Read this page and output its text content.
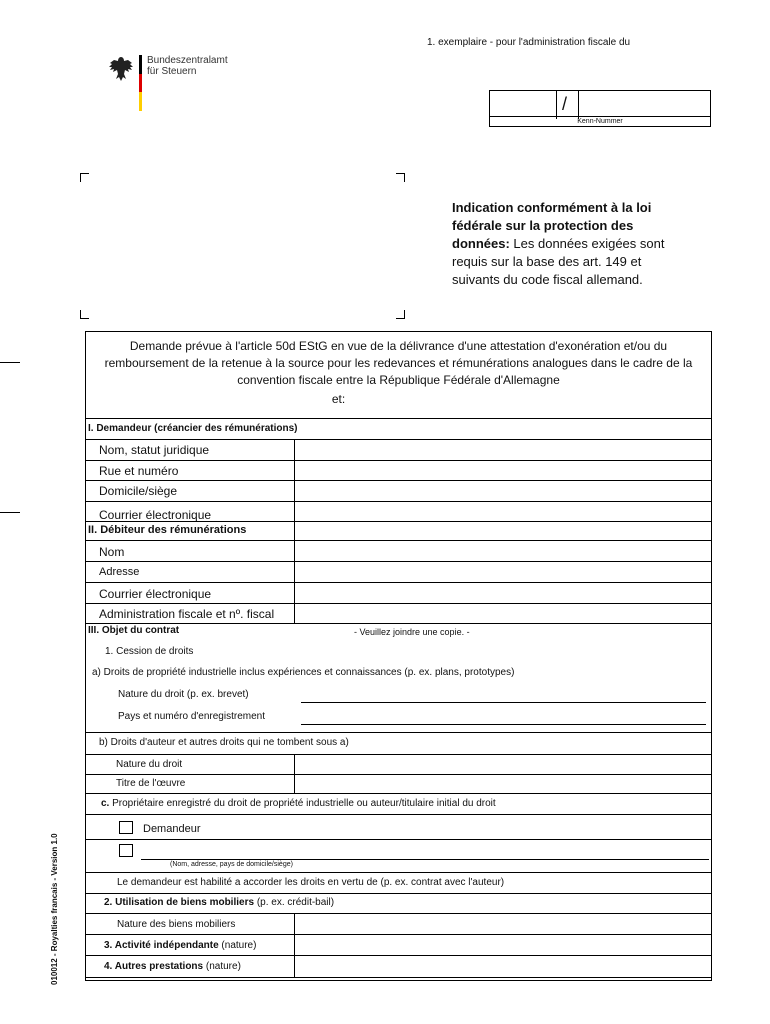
1. exemplaire - pour l'administration fiscale du
Bundeszentralamt
für Steuern
/
Kenn-Nummer
Indication conformément à la loi fédérale sur la protection des données: Les données exigées sont requis sur la base des art. 149 et suivants du code fiscal allemand.
010012 - Royalties francais - Version 1.0
Demande prévue à l'article 50d EStG en vue de la délivrance d'une attestation d'exonération et/ou du remboursement de la retenue à la source pour les redevances et rémunérations analogues dans le cadre de la convention fiscale entre la République Fédérale d'Allemagne
et:
I. Demandeur (créancier des rémunérations)
Nom, statut juridique
Rue et numéro
Domicile/siège
Courrier électronique
II. Débiteur des rémunérations
Nom
Adresse
Courrier électronique
Administration fiscale et nº. fiscal
III. Objet du contrat	- Veuillez joindre une copie. -
1. Cession de droits
a) Droits de propriété industrielle inclus expériences et connaissances (p. ex. plans, prototypes)
Nature du droit (p. ex. brevet)
Pays et numéro d'enregistrement
b) Droits d'auteur et autres droits qui ne tombent sous a)
Nature du droit
Titre de l'œuvre
c. Propriétaire enregistré du droit de propriété industrielle ou auteur/titulaire initial du droit
Demandeur
(Nom, adresse, pays de domicile/siège)
Le demandeur est habilité a accorder les droits en vertu de (p. ex. contrat avec l'auteur)
2. Utilisation de biens mobiliers (p. ex. crédit-bail)
Nature des biens mobiliers
3. Activité indépendante (nature)
4. Autres prestations (nature)
